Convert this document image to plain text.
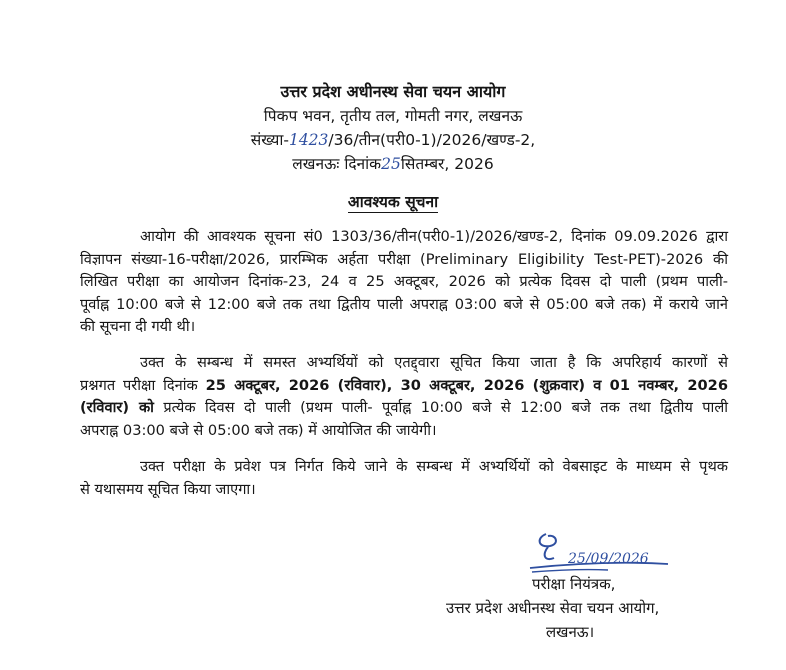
उत्तर प्रदेश अधीनस्थ सेवा चयन आयोग
पिकप भवन, तृतीय तल, गोमती नगर, लखनऊ
संख्या-1423/36/तीन(परी0-1)/2026/खण्ड-2,
लखनऊः दिनांक25सितम्बर, 2026
आवश्यक सूचना
आयोग की आवश्यक सूचना सं0 1303/36/तीन(परी0-1)/2026/खण्ड-2, दिनांक 09.09.2026 द्वारा
विज्ञापन संख्या-16-परीक्षा/2026, प्रारम्भिक अर्हता परीक्षा (Preliminary Eligibility Test-PET)-2026 की
लिखित परीक्षा का आयोजन दिनांक-23, 24 व 25 अक्टूबर, 2026 को प्रत्येक दिवस दो पाली (प्रथम पाली-
पूर्वाह्न 10:00 बजे से 12:00 बजे तक तथा द्वितीय पाली अपराह्न 03:00 बजे से 05:00 बजे तक) में कराये जाने
की सूचना दी गयी थी।
उक्त के सम्बन्ध में समस्त अभ्यर्थियों को एतद्द्वारा सूचित किया जाता है कि अपरिहार्य कारणों से
प्रश्नगत परीक्षा दिनांक 25 अक्टूबर, 2026 (रविवार), 30 अक्टूबर, 2026 (शुक्रवार) व 01 नवम्बर, 2026
(रविवार) को प्रत्येक दिवस दो पाली (प्रथम पाली- पूर्वाह्न 10:00 बजे से 12:00 बजे तक तथा द्वितीय पाली
अपराह्न 03:00 बजे से 05:00 बजे तक) में आयोजित की जायेगी।
उक्त परीक्षा के प्रवेश पत्र निर्गत किये जाने के सम्बन्ध में अभ्यर्थियों को वेबसाइट के माध्यम से पृथक
से यथासमय सूचित किया जाएगा।
25/09/2026
परीक्षा नियंत्रक,
उत्तर प्रदेश अधीनस्थ सेवा चयन आयोग,
लखनऊ।
